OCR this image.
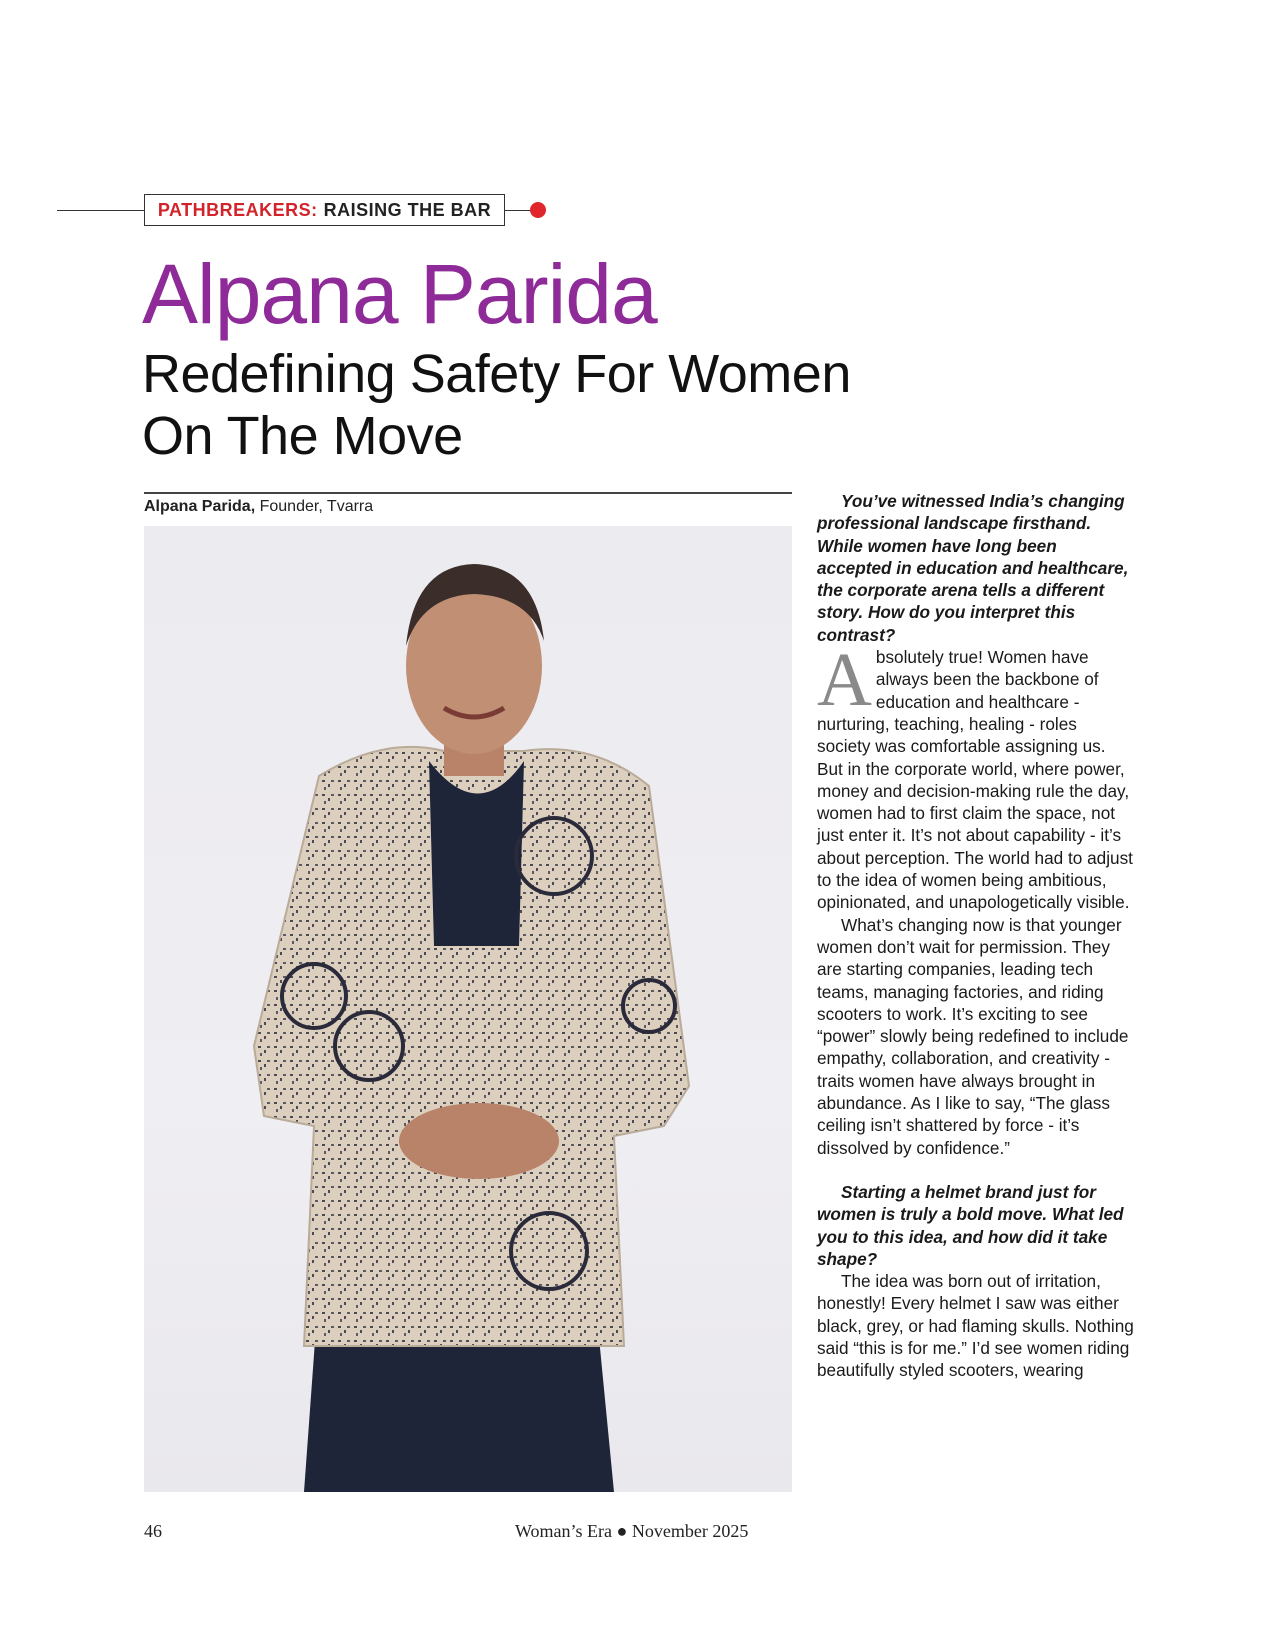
PATHBREAKERS: RAISING THE BAR
Alpana Parida
Redefining Safety For Women
On The Move
Alpana Parida, Founder, Tvarra	You’ve witnessed India’s changing professional landscape firsthand. While women have long been accepted in education and healthcare, the corporate arena tells a different story. How do you interpret this contrast?

Absolutely true! Women have always been the backbone of education and healthcare - nurturing, teaching, healing - roles society was comfortable assigning us. But in the corporate world, where power, money and decision-making rule the day, women had to first claim the space, not just enter it. It’s not about capability - it’s about perception. The world had to adjust to the idea of women being ambitious, opinionated, and unapologetically visible.

What’s changing now is that younger women don’t wait for permission. They are starting companies, leading tech teams, managing factories, and riding scooters to work. It’s exciting to see “power” slowly being redefined to include empathy, collaboration, and creativity - traits women have always brought in abundance. As I like to say, “The glass ceiling isn’t shattered by force - it’s dissolved by confidence.”

Starting a helmet brand just for women is truly a bold move. What led you to this idea, and how did it take shape?

The idea was born out of irritation, honestly! Every helmet I saw was either black, grey, or had flaming skulls. Nothing said “this is for me.” I’d see women riding beautifully styled scooters, wearing

46	Woman’s Era ● November 2025
